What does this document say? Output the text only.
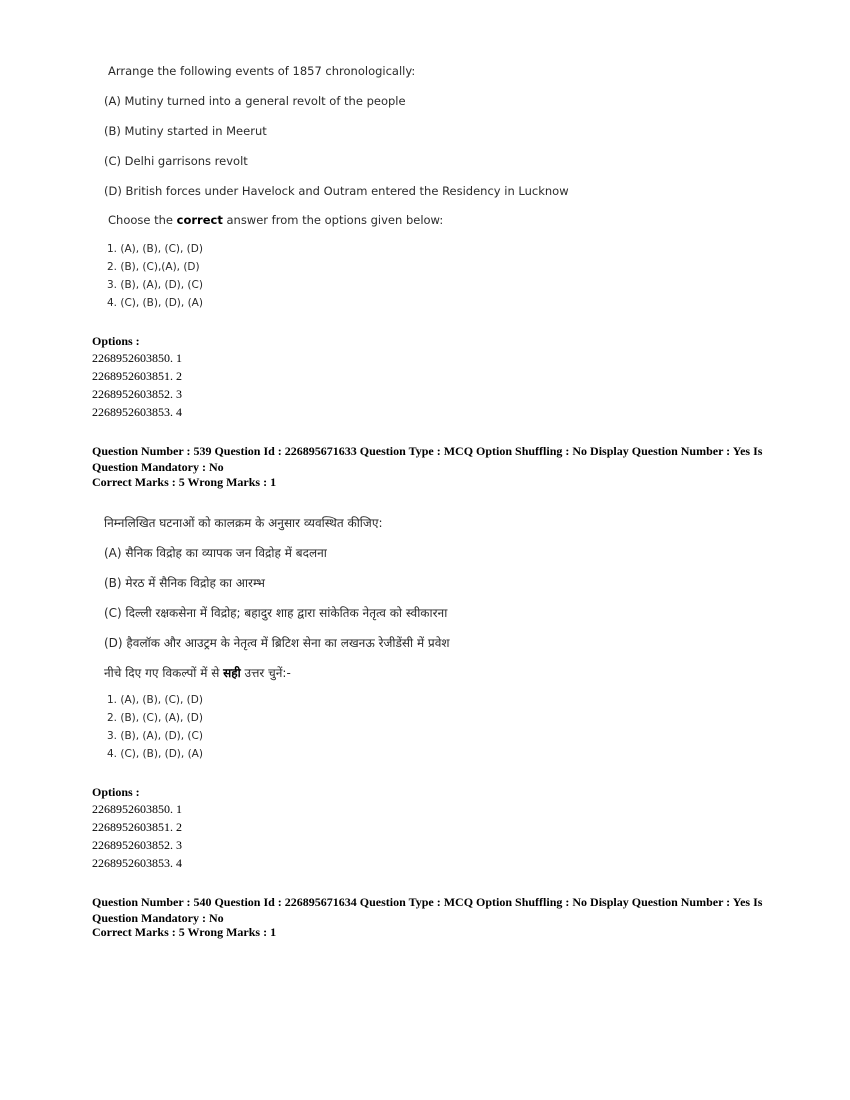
Arrange the following events of 1857 chronologically:
(A) Mutiny turned into a general revolt of the people
(B) Mutiny started in Meerut
(C) Delhi garrisons revolt
(D) British forces under Havelock and Outram entered the Residency in Lucknow
Choose the correct answer from the options given below:
1. (A), (B), (C), (D)
2. (B), (C),(A), (D)
3. (B), (A), (D), (C)
4. (C), (B), (D), (A)
Options :
2268952603850. 1
2268952603851. 2
2268952603852. 3
2268952603853. 4
Question Number : 539 Question Id : 226895671633 Question Type : MCQ Option Shuffling : No Display Question Number : Yes Is Question Mandatory : No
Correct Marks : 5 Wrong Marks : 1
निम्नलिखित घटनाओं को कालक्रम के अनुसार व्यवस्थित कीजिए:
(A) सैनिक विद्रोह का व्यापक जन विद्रोह में बदलना
(B) मेरठ में सैनिक विद्रोह का आरम्भ
(C) दिल्ली रक्षकसेना में विद्रोह; बहादुर शाह द्वारा सांकेतिक नेतृत्व को स्वीकारना
(D) हैवलॉक और आउट्रम के नेतृत्व में ब्रिटिश सेना का लखनऊ रेजीडेंसी में प्रवेश
नीचे दिए गए विकल्पों में से सही उत्तर चुनें:-
1. (A), (B), (C), (D)
2. (B), (C), (A), (D)
3. (B), (A), (D), (C)
4. (C), (B), (D), (A)
Options :
2268952603850. 1
2268952603851. 2
2268952603852. 3
2268952603853. 4
Question Number : 540 Question Id : 226895671634 Question Type : MCQ Option Shuffling : No Display Question Number : Yes Is Question Mandatory : No
Correct Marks : 5 Wrong Marks : 1
